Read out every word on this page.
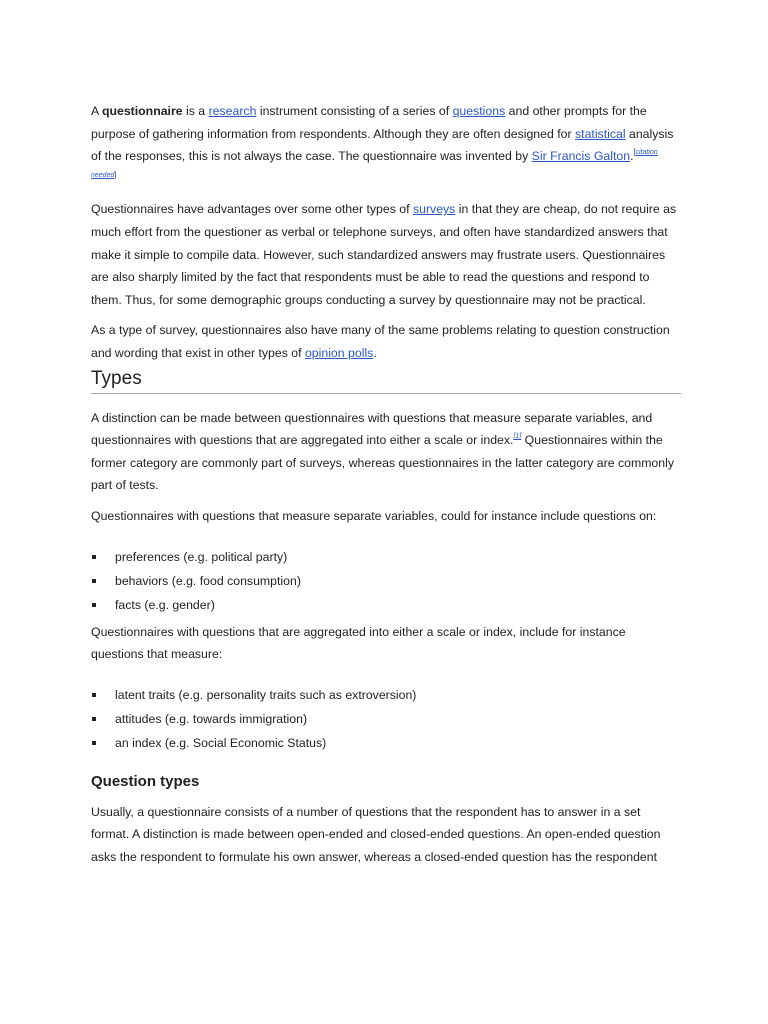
A questionnaire is a research instrument consisting of a series of questions and other prompts for the purpose of gathering information from respondents. Although they are often designed for statistical analysis of the responses, this is not always the case. The questionnaire was invented by Sir Francis Galton.[citation needed]

Questionnaires have advantages over some other types of surveys in that they are cheap, do not require as much effort from the questioner as verbal or telephone surveys, and often have standardized answers that make it simple to compile data. However, such standardized answers may frustrate users. Questionnaires are also sharply limited by the fact that respondents must be able to read the questions and respond to them. Thus, for some demographic groups conducting a survey by questionnaire may not be practical.

As a type of survey, questionnaires also have many of the same problems relating to question construction and wording that exist in other types of opinion polls.

Types

A distinction can be made between questionnaires with questions that measure separate variables, and questionnaires with questions that are aggregated into either a scale or index.[1] Questionnaires within the former category are commonly part of surveys, whereas questionnaires in the latter category are commonly part of tests.

Questionnaires with questions that measure separate variables, could for instance include questions on:

preferences (e.g. political party)
behaviors (e.g. food consumption)
facts (e.g. gender)

Questionnaires with questions that are aggregated into either a scale or index, include for instance questions that measure:

latent traits (e.g. personality traits such as extroversion)
attitudes (e.g. towards immigration)
an index (e.g. Social Economic Status)
Question types

Usually, a questionnaire consists of a number of questions that the respondent has to answer in a set format. A distinction is made between open-ended and closed-ended questions. An open-ended question asks the respondent to formulate his own answer, whereas a closed-ended question has the respondent
